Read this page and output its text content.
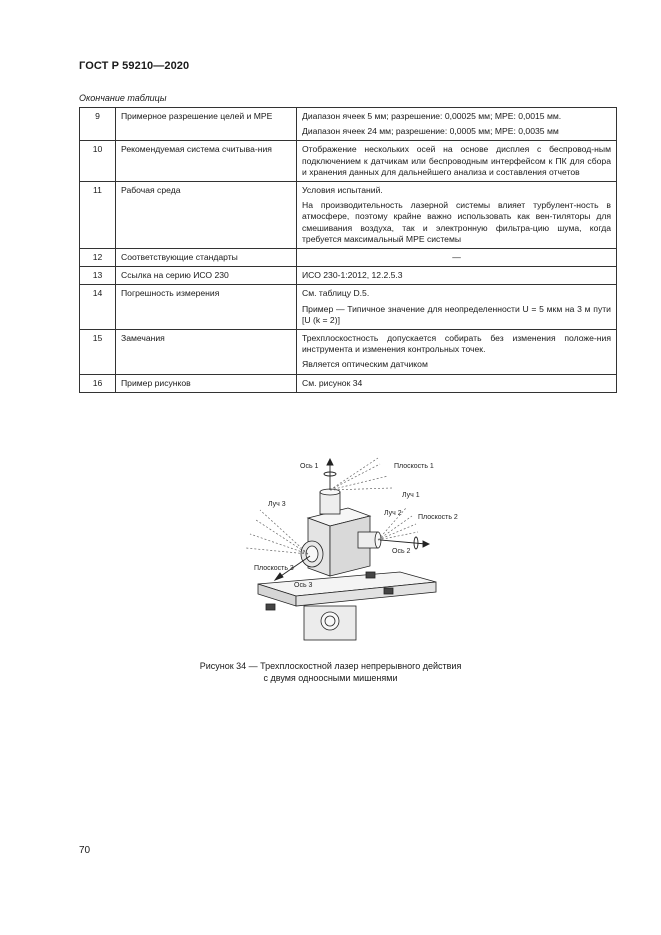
ГОСТ Р 59210—2020
Окончание таблицы
9	Примерное разрешение целей и MPE	Диапазон ячеек 5 мм; разрешение: 0,00025 мм; MPE: 0,0015 мм.

Диапазон ячеек 24 мм; разрешение: 0,0005 мм; MPE: 0,0035 мм

10	Рекомендуемая система считыва-ния	Отображение нескольких осей на основе дисплея с беспровод-ным подключением к датчикам или беспроводным интерфейсом к ПК для сбора и хранения данных для дальнейшего анализа и составления отчетов

11	Рабочая среда	Условия испытаний.

На производительность лазерной системы влияет турбулент-ность в атмосфере, поэтому крайне важно использовать как вен-тиляторы для смешивания воздуха, так и электронную фильтра-цию шума, когда требуется максимальный MPE системы

12	Соответствующие стандарты	—

13	Ссылка на серию ИСО 230	ИСО 230-1:2012, 12.2.5.3

14	Погрешность измерения	См. таблицу D.5.

Пример — Типичное значение для неопределенности U = 5 мкм на 3 м пути [U (k = 2)]

15	Замечания	Трехплоскостность допускается собирать без изменения положе-ния инструмента и изменения контрольных точек.

Является оптическим датчиком

16	Пример рисунков	См. рисунок 34

Ось 1	Плоскость 1
Луч 1
Луч 2
Плоскость 2
Ось 2
Луч 3
Плоскость 3
Ось 3
Рисунок 34 — Трехплоскостной лазер непрерывного действия
с двумя одноосными мишенями
70
